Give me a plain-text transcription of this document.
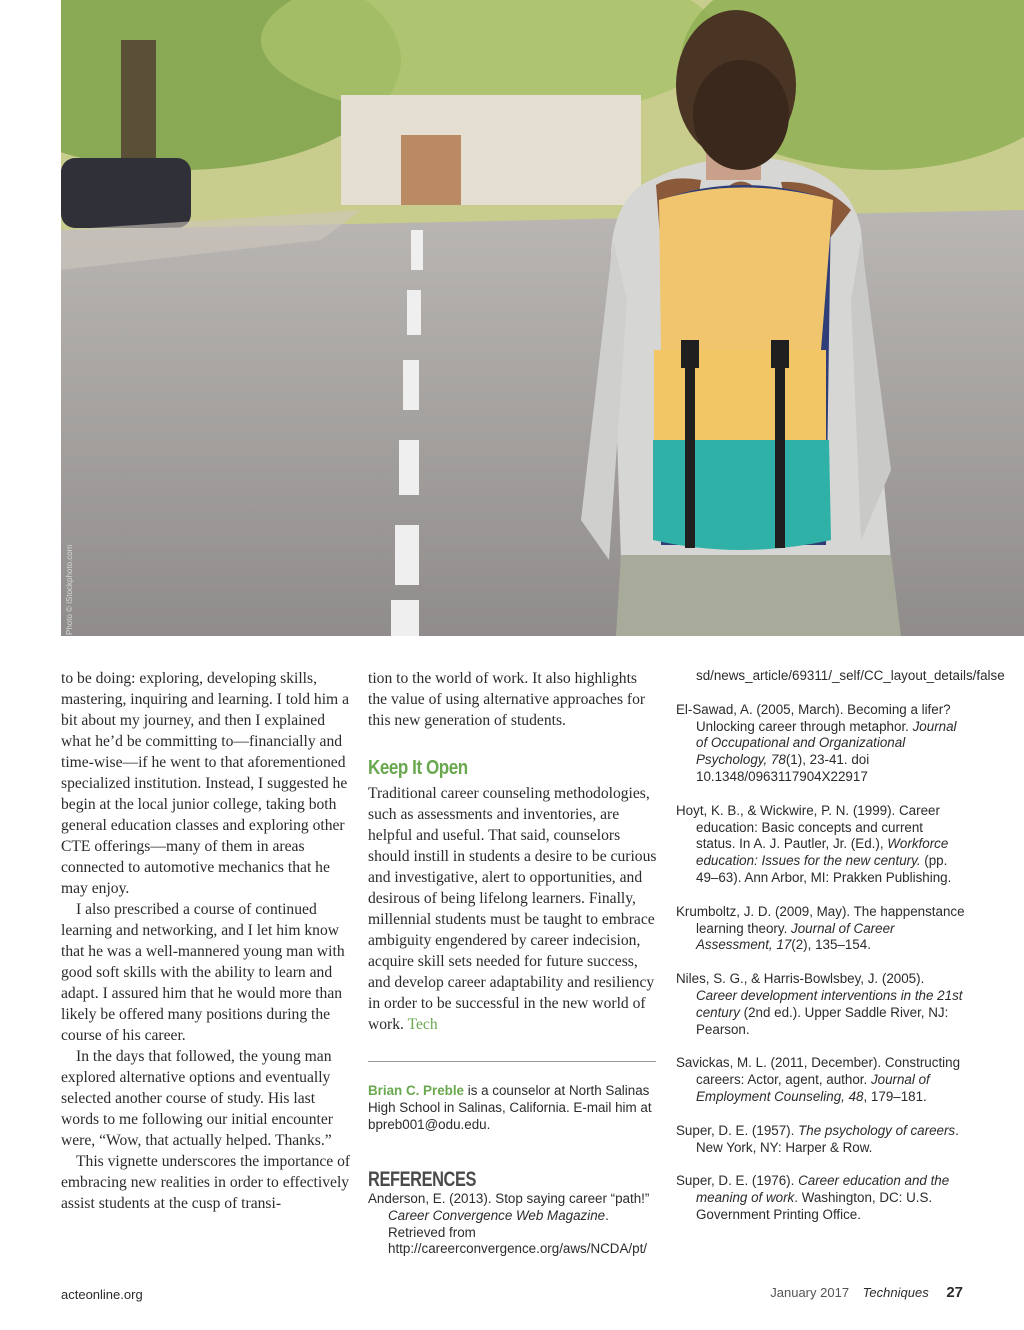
Photo © iStockphoto.com

to be doing: exploring, developing skills, mastering, inquiring and learning. I told him a bit about my journey, and then I explained what he’d be committing to—financially and time-wise—if he went to that aforementioned specialized institution. Instead, I suggested he begin at the local junior college, taking both general education classes and exploring other CTE offerings—many of them in areas connected to automotive mechanics that he may enjoy.

I also prescribed a course of continued learning and networking, and I let him know that he was a well-mannered young man with good soft skills with the ability to learn and adapt. I assured him that he would more than likely be offered many positions during the course of his career.

In the days that followed, the young man explored alternative options and eventually selected another course of study. His last words to me following our initial encounter were, “Wow, that actually helped. Thanks.”

This vignette underscores the importance of embracing new realities in order to effectively assist students at the cusp of transi-

tion to the world of work. It also highlights the value of using alternative approaches for this new generation of students.

Keep It Open

Traditional career counseling methodologies, such as assessments and inventories, are helpful and useful. That said, counselors should instill in students a desire to be curious and investigative, alert to opportunities, and desirous of being lifelong learners. Finally, millennial students must be taught to embrace ambiguity engendered by career indecision, acquire skill sets needed for future success, and develop career adaptability and resiliency in order to be successful in the new world of work. Tech

Brian C. Preble is a counselor at North Salinas High School in Salinas, California. E-mail him at bpreb001@odu.edu.

REFERENCES

Anderson, E. (2013). Stop saying career “path!” Career Convergence Web Magazine. Retrieved from http://careerconvergence.org/aws/NCDA/pt/

sd/news_article/69311/_self/CC_layout_details/false

El-Sawad, A. (2005, March). Becoming a lifer? Unlocking career through metaphor. Journal of Occupational and Organizational Psychology, 78(1), 23-41. doi 10.1348/0963117904X22917

Hoyt, K. B., & Wickwire, P. N. (1999). Career education: Basic concepts and current status. In A. J. Pautler, Jr. (Ed.), Workforce education: Issues for the new century. (pp. 49–63). Ann Arbor, MI: Prakken Publishing.

Krumboltz, J. D. (2009, May). The happenstance learning theory. Journal of Career Assessment, 17(2), 135–154.

Niles, S. G., & Harris-Bowlsbey, J. (2005). Career development interventions in the 21st century (2nd ed.). Upper Saddle River, NJ: Pearson.

Savickas, M. L. (2011, December). Constructing careers: Actor, agent, author. Journal of Employment Counseling, 48, 179–181.

Super, D. E. (1957). The psychology of careers. New York, NY: Harper & Row.

Super, D. E. (1976). Career education and the meaning of work. Washington, DC: U.S. Government Printing Office.

acteonline.org	January 2017 Techniques 27
